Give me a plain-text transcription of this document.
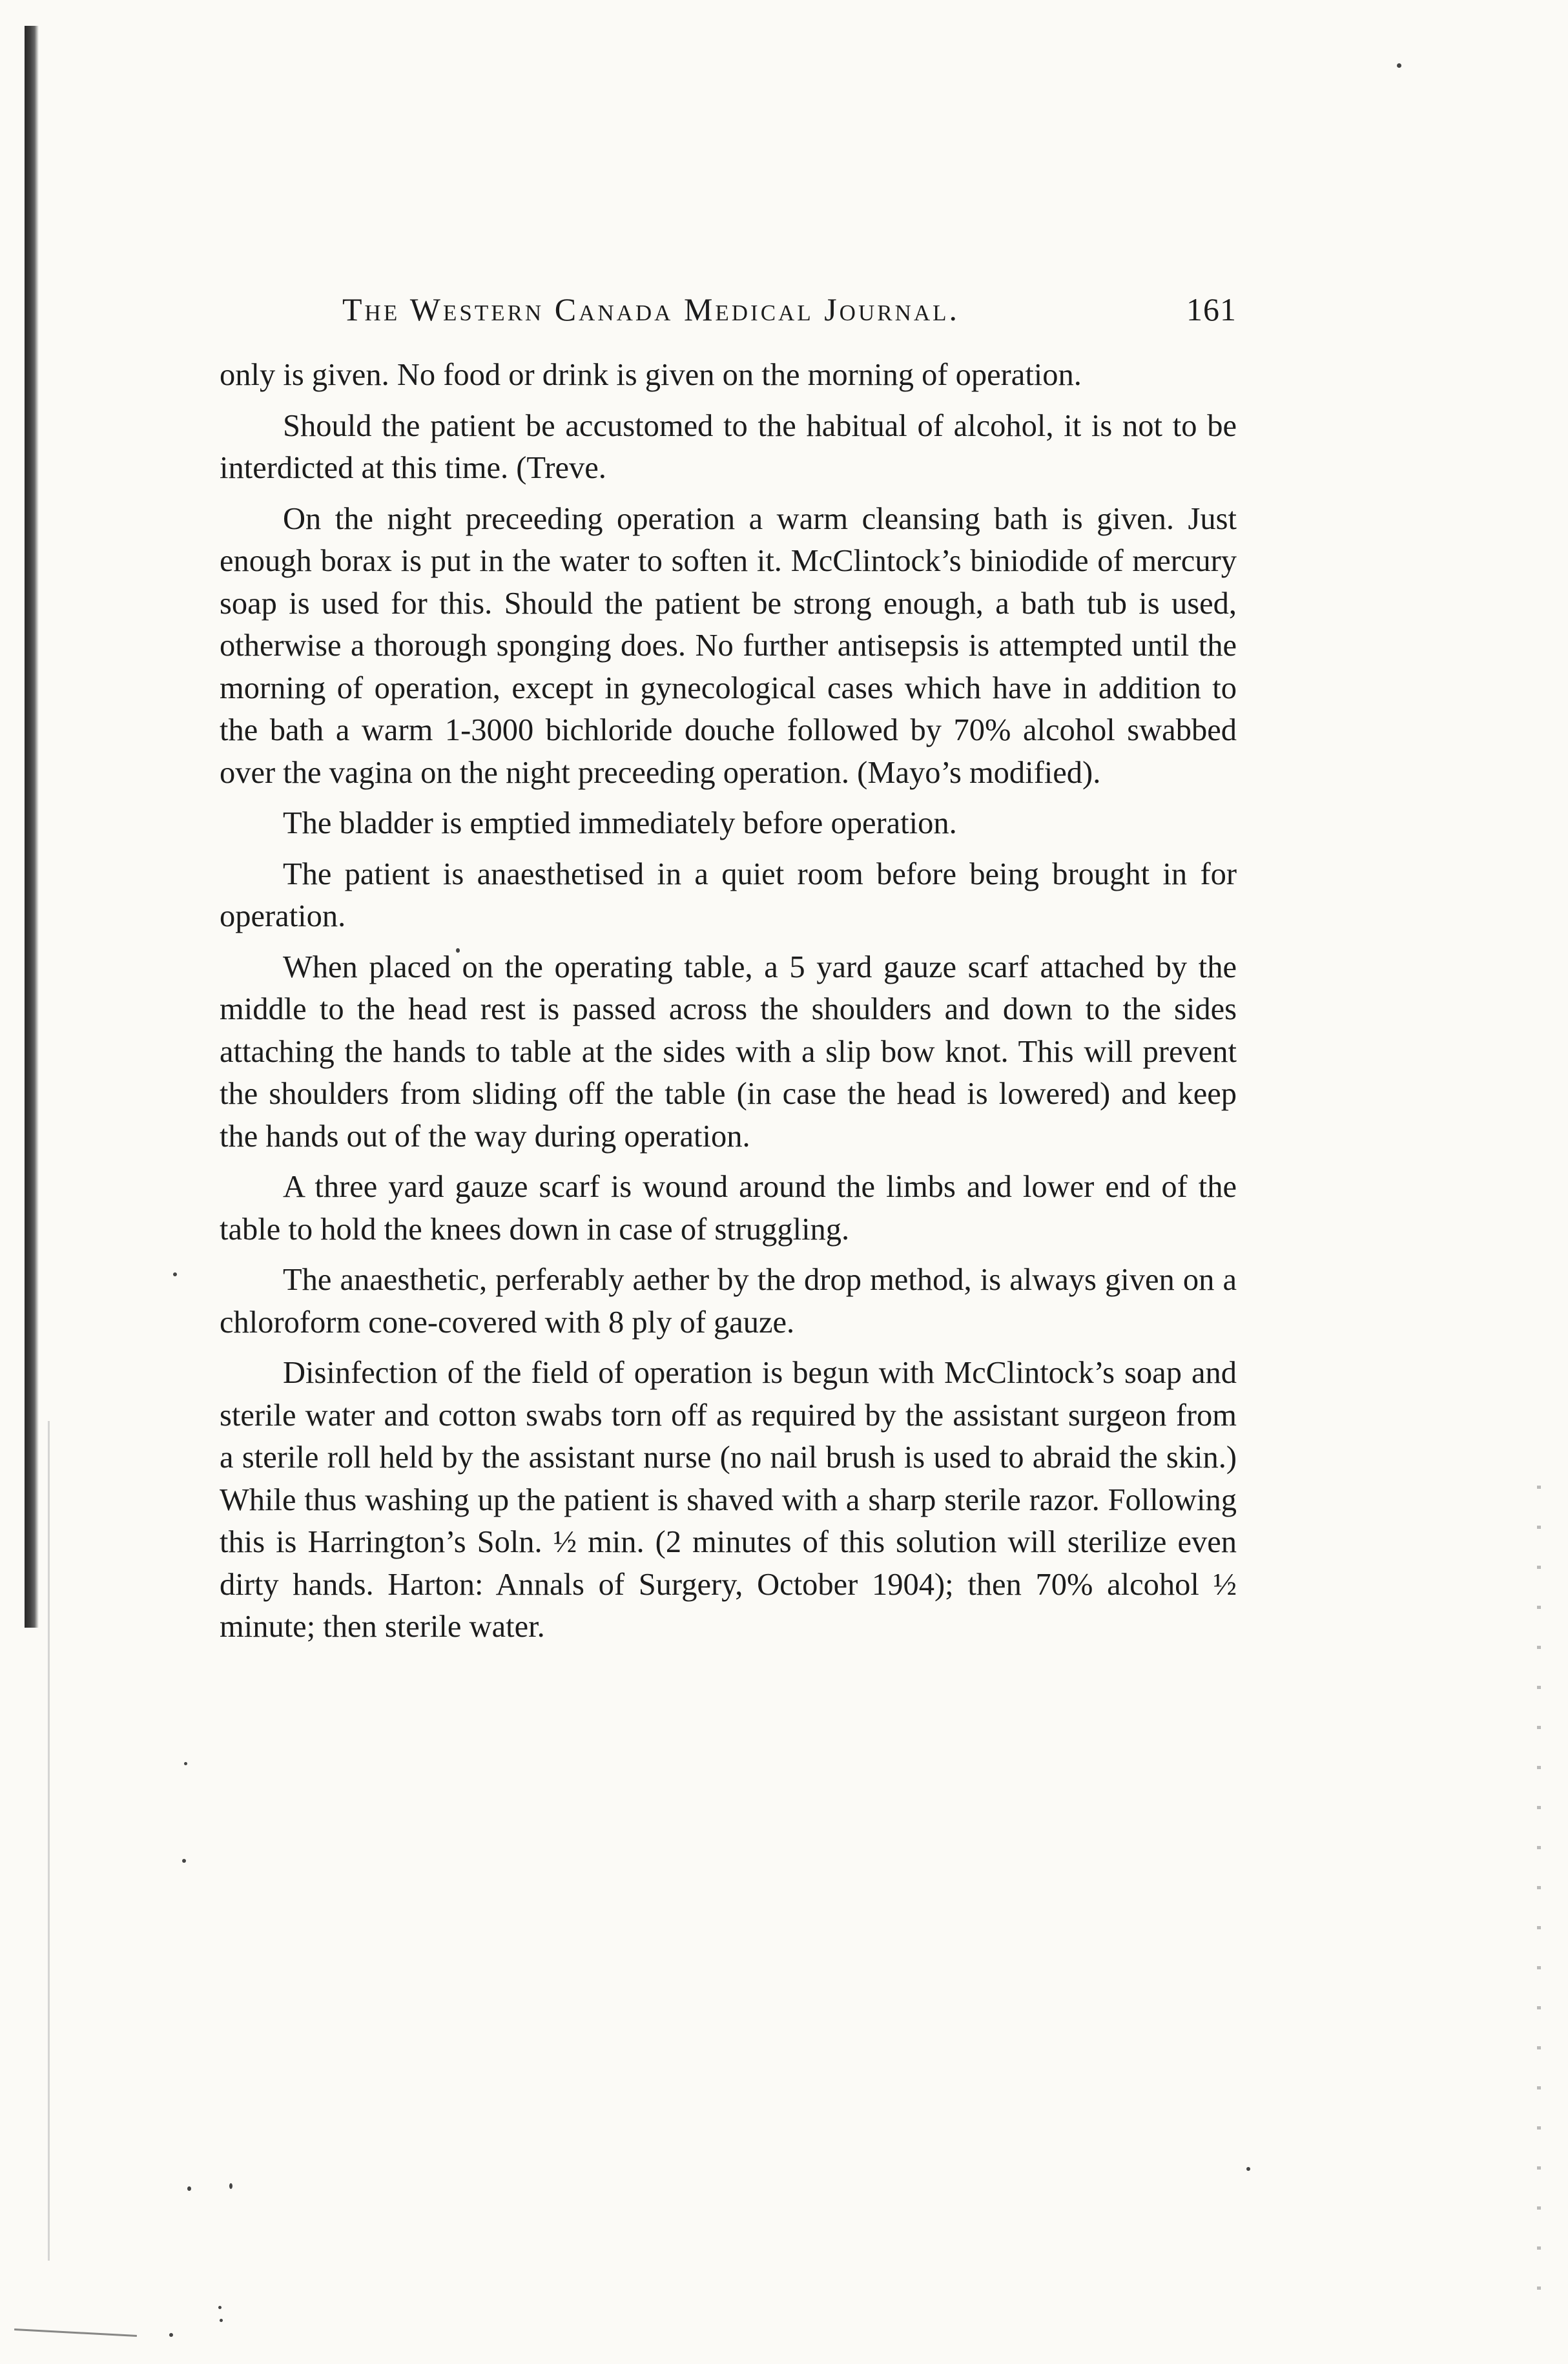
The Western Canada Medical Journal.	161

only is given. No food or drink is given on the morning of operation.

Should the patient be accustomed to the habitual of alcohol, it is not to be interdicted at this time. (Treve.

On the night preceeding operation a warm cleansing bath is given. Just enough borax is put in the water to soften it. McClintock’s biniodide of mercury soap is used for this. Should the patient be strong enough, a bath tub is used, otherwise a thorough sponging does. No further antisepsis is attempted until the morning of operation, except in gynecological cases which have in addition to the bath a warm 1-3000 bichloride douche followed by 70% alcohol swabbed over the vagina on the night preceeding operation. (Mayo’s modified).

The bladder is emptied immediately before operation.

The patient is anaesthetised in a quiet room before being brought in for operation.

When placed on the operating table, a 5 yard gauze scarf attached by the middle to the head rest is passed across the shoulders and down to the sides attaching the hands to table at the sides with a slip bow knot. This will prevent the shoulders from sliding off the table (in case the head is lowered) and keep the hands out of the way during operation.

A three yard gauze scarf is wound around the limbs and lower end of the table to hold the knees down in case of struggling.

The anaesthetic, perferably aether by the drop method, is always given on a chloroform cone-covered with 8 ply of gauze.

Disinfection of the field of operation is begun with McClintock’s soap and sterile water and cotton swabs torn off as required by the assistant surgeon from a sterile roll held by the assistant nurse (no nail brush is used to abraid the skin.) While thus washing up the patient is shaved with a sharp sterile razor. Following this is Harrington’s Soln. ½ min. (2 minutes of this solution will sterilize even dirty hands. Harton: Annals of Surgery, October 1904); then 70% alcohol ½ minute; then sterile water.
